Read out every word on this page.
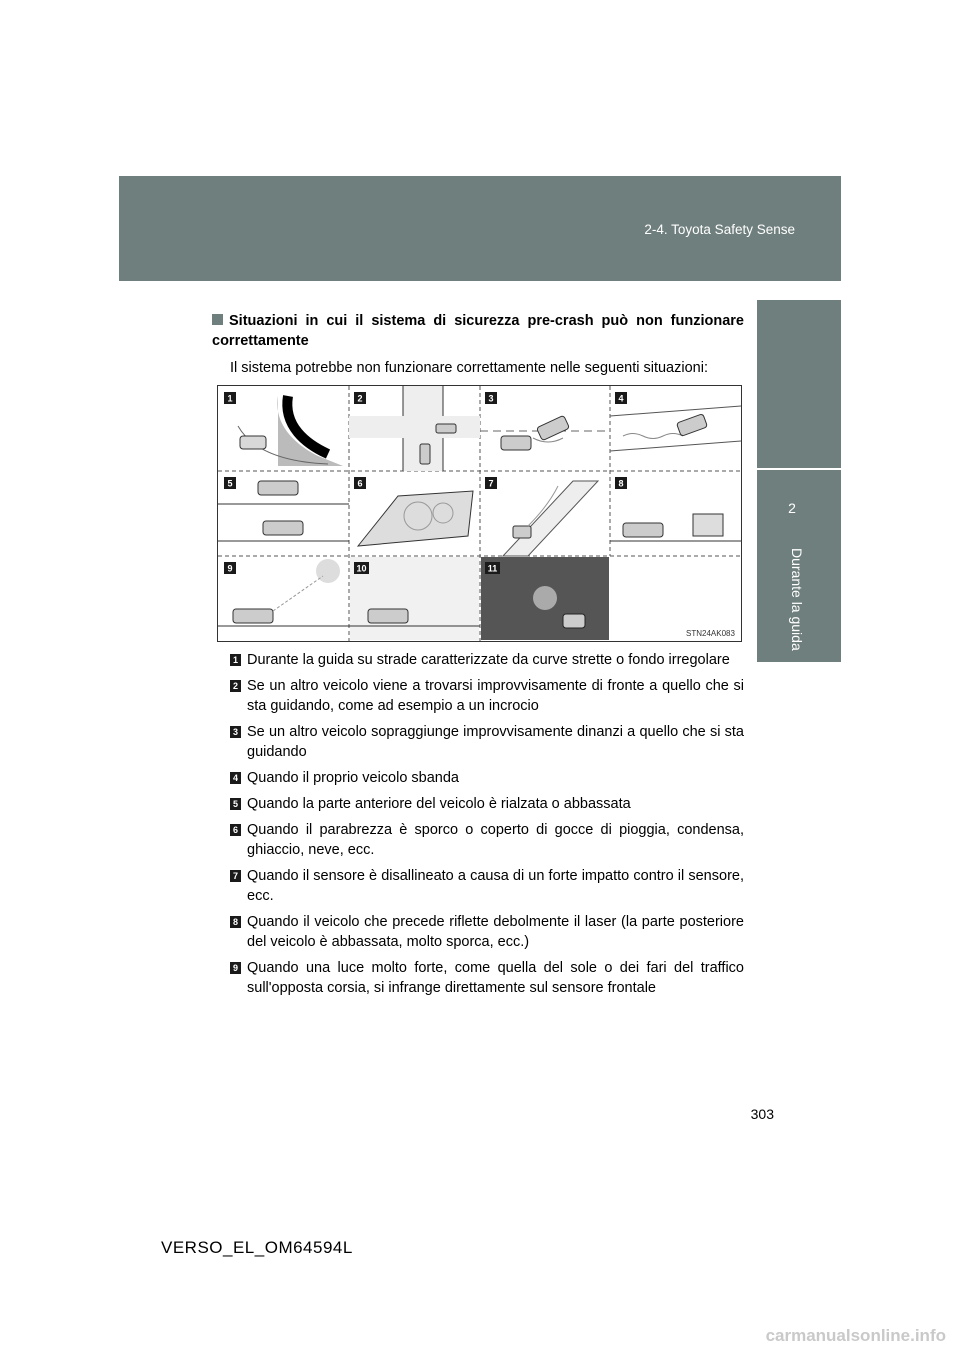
2-4. Toyota Safety Sense
2
Durante la guida
Situazioni in cui il sistema di sicurezza pre-crash può non funzionare correttamente
Il sistema potrebbe non funzionare correttamente nelle seguenti situazioni:
1	2	3	4
5	6	7	8
9	10	11
STN24AK083
1 Durante la guida su strade caratterizzate da curve strette o fondo irregolare
2 Se un altro veicolo viene a trovarsi improvvisamente di fronte a quello che si sta guidando, come ad esempio a un incrocio
3 Se un altro veicolo sopraggiunge improvvisamente dinanzi a quello che si sta guidando
4 Quando il proprio veicolo sbanda
5 Quando la parte anteriore del veicolo è rialzata o abbassata
6 Quando il parabrezza è sporco o coperto di gocce di pioggia, condensa, ghiaccio, neve, ecc.
7 Quando il sensore è disallineato a causa di un forte impatto contro il sensore, ecc.
8 Quando il veicolo che precede riflette debolmente il laser (la parte posteriore del veicolo è abbassata, molto sporca, ecc.)
9 Quando una luce molto forte, come quella del sole o dei fari del traffico sull'opposta corsia, si infrange direttamente sul sensore frontale
303
VERSO_EL_OM64594L
carmanualsonline.info
